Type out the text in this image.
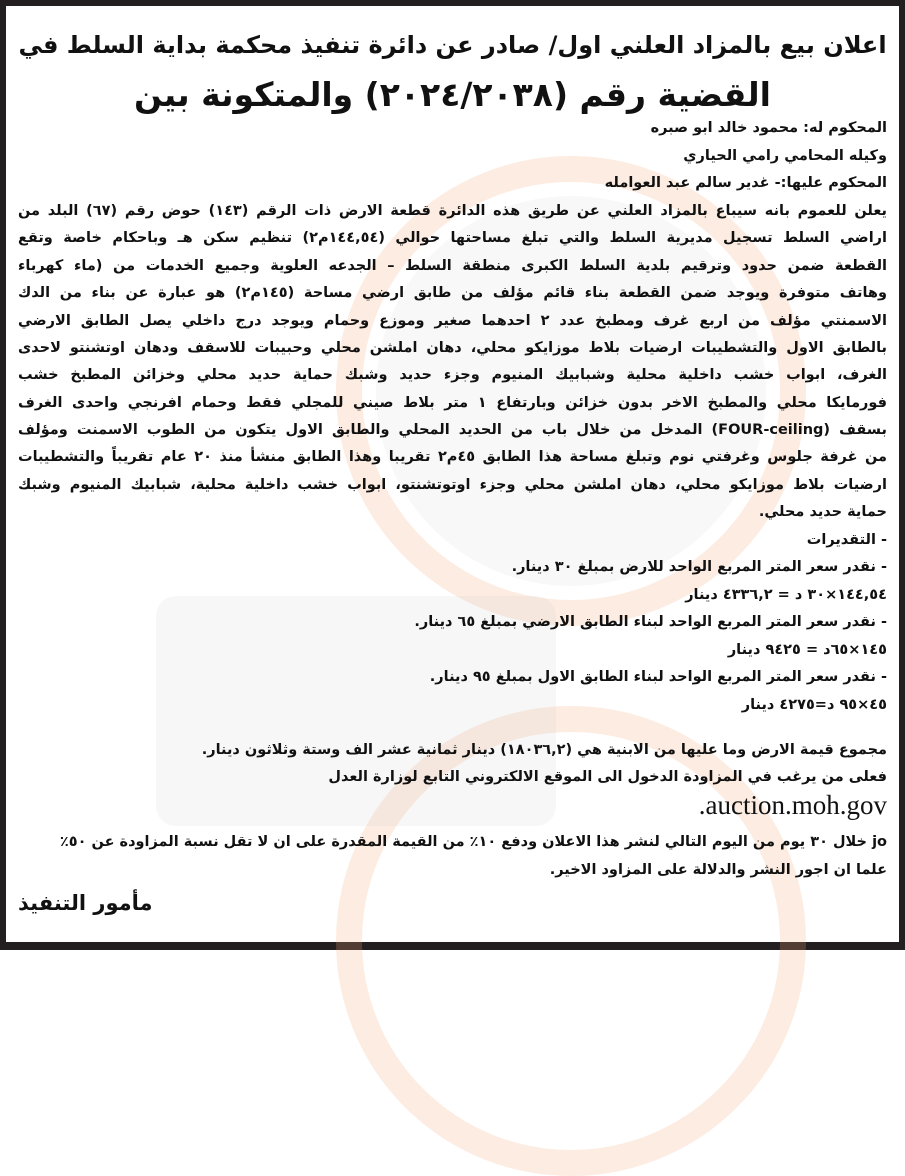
اعلان بيع بالمزاد العلني اول/ صادر عن دائرة تنفيذ محكمة بداية السلط في
القضية رقم (٢٠٢٤/٢٠٣٨) والمتكونة بين
المحكوم له: محمود خالد ابو صبره
وكيله المحامي رامي الحياري
المحكوم عليها:- غدير سالم عبد العوامله
يعلن للعموم بانه سيباع بالمزاد العلني عن طريق هذه الدائرة قطعة الارض ذات الرقم (١٤٣) حوض رقم (٦٧) البلد من
اراضي السلط تسجيل مديرية السلط والتي تبلغ مساحتها حوالي (١٤٤,٥٤م٢) تنظيم سكن هـ وباحكام خاصة وتقع
القطعة ضمن حدود وترقيم بلدية السلط الكبرى منطقة السلط – الجدعه العلوية وجميع الخدمات من (ماء كهرباء
وهاتف متوفرة ويوجد ضمن القطعة بناء قائم مؤلف من طابق ارضي مساحة (١٤٥م٢) هو عبارة عن بناء من الدك
الاسمنتي مؤلف من اربع غرف ومطبخ عدد ٢ احدهما صغير وموزع وحمام ويوجد درج داخلي يصل الطابق الارضي
بالطابق الاول والتشطيبات ارضيات بلاط موزايكو محلي، دهان املشن محلي وحبيبات للاسقف ودهان اوتشنتو لاحدى
الغرف، ابواب خشب داخلية محلية وشبابيك المنيوم وجزء حديد وشبك حماية حديد محلي وخزائن المطبخ خشب
فورمايكا محلي والمطبخ الاخر بدون خزائن وبارتفاع ١ متر بلاط صيني للمجلي فقط وحمام افرنجي واحدى الغرف
بسقف (FOUR-ceiling) المدخل من خلال باب من الحديد المحلي والطابق الاول يتكون من الطوب الاسمنت ومؤلف
من غرفة جلوس وغرفتي نوم وتبلغ مساحة هذا الطابق ٤٥م٢ تقريبا وهذا الطابق منشأ منذ ٢٠ عام تقريباً والتشطيبات
ارضيات بلاط موزايكو محلي، دهان املشن محلي وجزء اوتوتشنتو، ابواب خشب داخلية محلية، شبابيك المنيوم وشبك
حماية حديد محلي.
- التقديرات
- نقدر سعر المتر المربع الواحد للارض بمبلغ ٣٠ دينار.
١٤٤,٥٤×٣٠ د = ٤٣٣٦,٢ دينار
- نقدر سعر المتر المربع الواحد لبناء الطابق الارضي بمبلغ ٦٥ دينار.
١٤٥×٦٥د = ٩٤٢٥ دينار
- نقدر سعر المتر المربع الواحد لبناء الطابق الاول بمبلغ ٩٥ دينار.
٤٥×٩٥ د=٤٢٧٥ دينار
مجموع قيمة الارض وما عليها من الابنية هي (١٨٠٣٦,٢) دينار ثمانية عشر الف وستة وثلاثون دينار.
فعلى من يرغب في المزاودة الدخول الى الموقع الالكتروني التابع لوزارة العدل
.auction.moh.gov
jo خلال ٣٠ يوم من اليوم التالي لنشر هذا الاعلان ودفع ١٠٪ من القيمة المقدرة على ان لا تقل نسبة المزاودة عن ٥٠٪
علما ان اجور النشر والدلالة على المزاود الاخير.
مأمور التنفيذ
